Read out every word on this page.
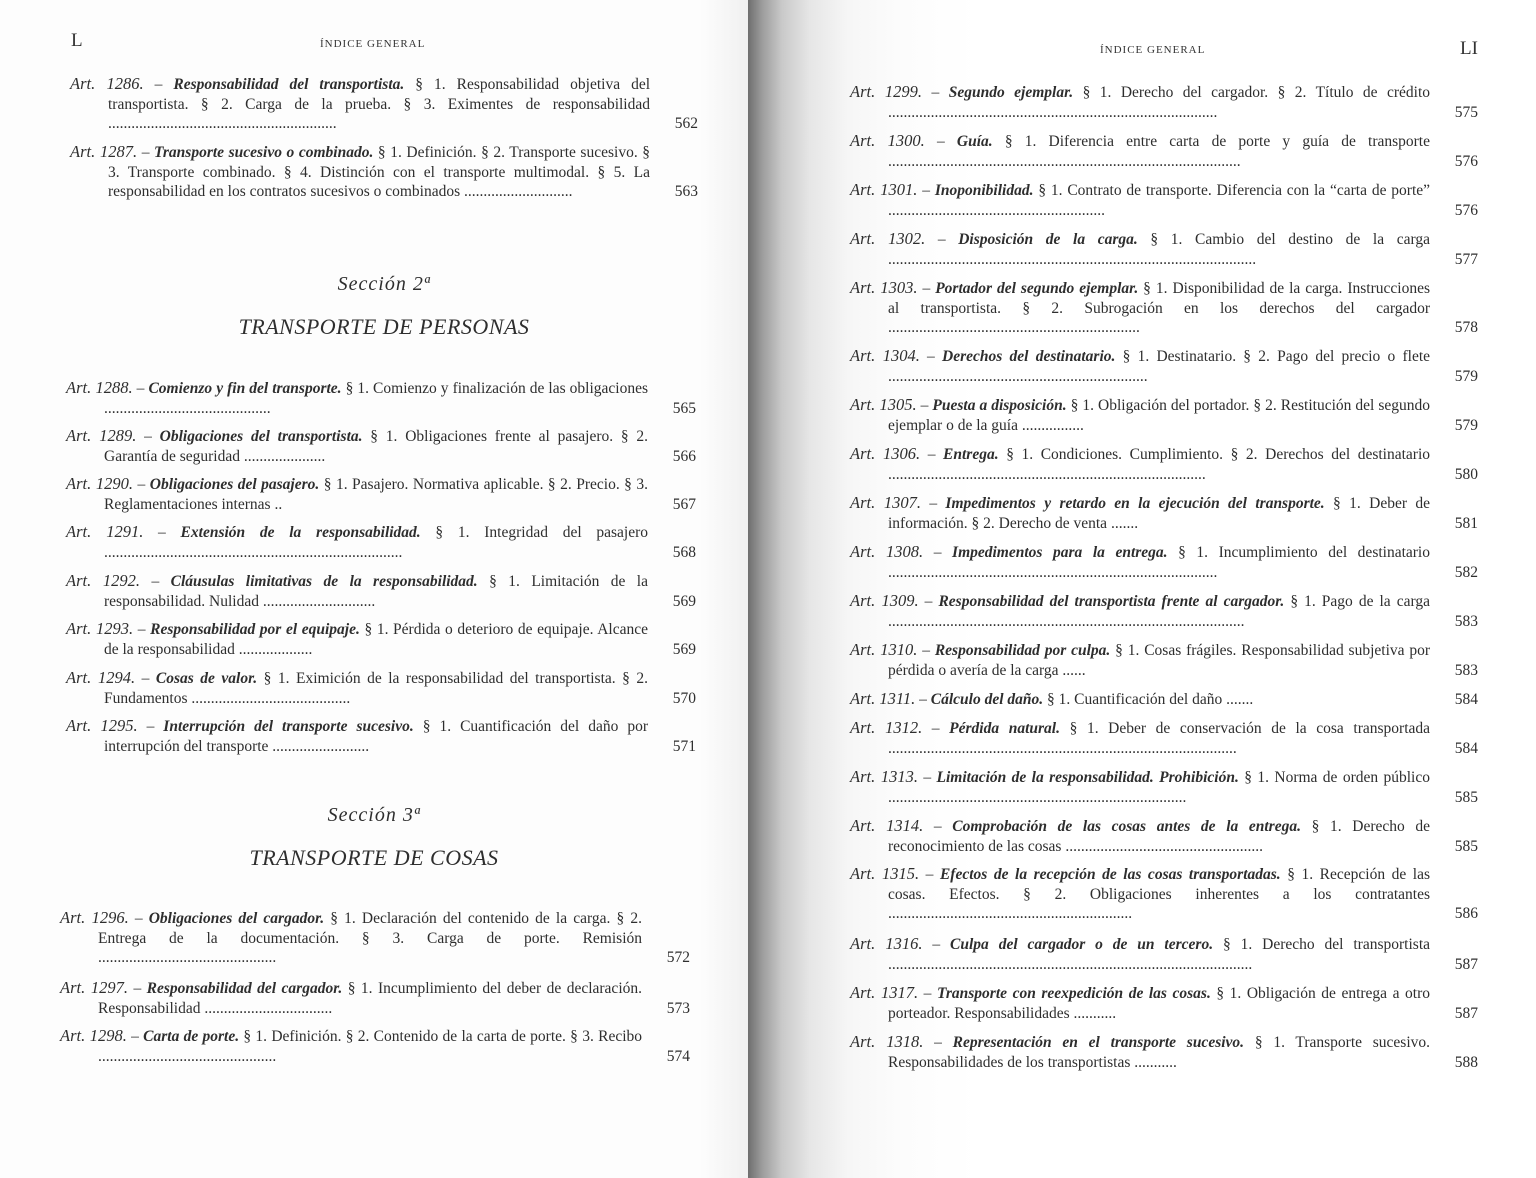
L	ÍNDICE GENERAL

Art. 1286. – Responsabilidad del transportista. § 1. Responsabilidad objetiva del transportista. § 2. Carga de la prueba. § 3. Eximentes de responsabilidad ...........................................................	562

Art. 1287. – Transporte sucesivo o combinado. § 1. Definición. § 2. Transporte sucesivo. § 3. Transporte combinado. § 4. Distinción con el transporte multimodal. § 5. La responsabilidad en los contratos sucesivos o combinados ............................	563
Sección 2ª
TRANSPORTE DE PERSONAS

Art. 1288. – Comienzo y fin del transporte. § 1. Comienzo y finalización de las obligaciones ...........................................	565

Art. 1289. – Obligaciones del transportista. § 1. Obligaciones frente al pasajero. § 2. Garantía de seguridad .....................	566

Art. 1290. – Obligaciones del pasajero. § 1. Pasajero. Normativa aplicable. § 2. Precio. § 3. Reglamentaciones internas ..	567

Art. 1291. – Extensión de la responsabilidad. § 1. Integridad del pasajero .............................................................................	568

Art. 1292. – Cláusulas limitativas de la responsabilidad. § 1. Limitación de la responsabilidad. Nulidad .............................	569

Art. 1293. – Responsabilidad por el equipaje. § 1. Pérdida o deterioro de equipaje. Alcance de la responsabilidad ...................	569

Art. 1294. – Cosas de valor. § 1. Eximición de la responsabilidad del transportista. § 2. Fundamentos .........................................	570

Art. 1295. – Interrupción del transporte sucesivo. § 1. Cuantificación del daño por interrupción del transporte .........................	571
Sección 3ª
TRANSPORTE DE COSAS

Art. 1296. – Obligaciones del cargador. § 1. Declaración del contenido de la carga. § 2. Entrega de la documentación. § 3. Carga de porte. Remisión ..............................................	572

Art. 1297. – Responsabilidad del cargador. § 1. Incumplimiento del deber de declaración. Responsabilidad .................................	573

Art. 1298. – Carta de porte. § 1. Definición. § 2. Contenido de la carta de porte. § 3. Recibo ..............................................	574
ÍNDICE GENERAL	LI

Art. 1299. – Segundo ejemplar. § 1. Derecho del cargador. § 2. Título de crédito .....................................................................................	575

Art. 1300. – Guía. § 1. Diferencia entre carta de porte y guía de transporte ...........................................................................................	576

Art. 1301. – Inoponibilidad. § 1. Contrato de transporte. Diferencia con la “carta de porte” ........................................................	576

Art. 1302. – Disposición de la carga. § 1. Cambio del destino de la carga ...............................................................................................	577

Art. 1303. – Portador del segundo ejemplar. § 1. Disponibilidad de la carga. Instrucciones al transportista. § 2. Subrogación en los derechos del cargador .................................................................	578

Art. 1304. – Derechos del destinatario. § 1. Destinatario. § 2. Pago del precio o flete ...................................................................	579

Art. 1305. – Puesta a disposición. § 1. Obligación del portador. § 2. Restitución del segundo ejemplar o de la guía ................	579

Art. 1306. – Entrega. § 1. Condiciones. Cumplimiento. § 2. Derechos del destinatario ..................................................................................	580

Art. 1307. – Impedimentos y retardo en la ejecución del transporte. § 1. Deber de información. § 2. Derecho de venta .......	581

Art. 1308. – Impedimentos para la entrega. § 1. Incumplimiento del destinatario .....................................................................................	582

Art. 1309. – Responsabilidad del transportista frente al cargador. § 1. Pago de la carga ............................................................................................	583

Art. 1310. – Responsabilidad por culpa. § 1. Cosas frágiles. Responsabilidad subjetiva por pérdida o avería de la carga ......	583

Art. 1311. – Cálculo del daño. § 1. Cuantificación del daño .......	584

Art. 1312. – Pérdida natural. § 1. Deber de conservación de la cosa transportada ..........................................................................................	584

Art. 1313. – Limitación de la responsabilidad. Prohibición. § 1. Norma de orden público .............................................................................	585

Art. 1314. – Comprobación de las cosas antes de la entrega. § 1. Derecho de reconocimiento de las cosas ...................................................	585

Art. 1315. – Efectos de la recepción de las cosas transportadas. § 1. Recepción de las cosas. Efectos. § 2. Obligaciones inherentes a los contratantes ...............................................................	586

Art. 1316. – Culpa del cargador o de un tercero. § 1. Derecho del transportista ..............................................................................................	587

Art. 1317. – Transporte con reexpedición de las cosas. § 1. Obligación de entrega a otro porteador. Responsabilidades ...........	587

Art. 1318. – Representación en el transporte sucesivo. § 1. Transporte sucesivo. Responsabilidades de los transportistas ...........	588
